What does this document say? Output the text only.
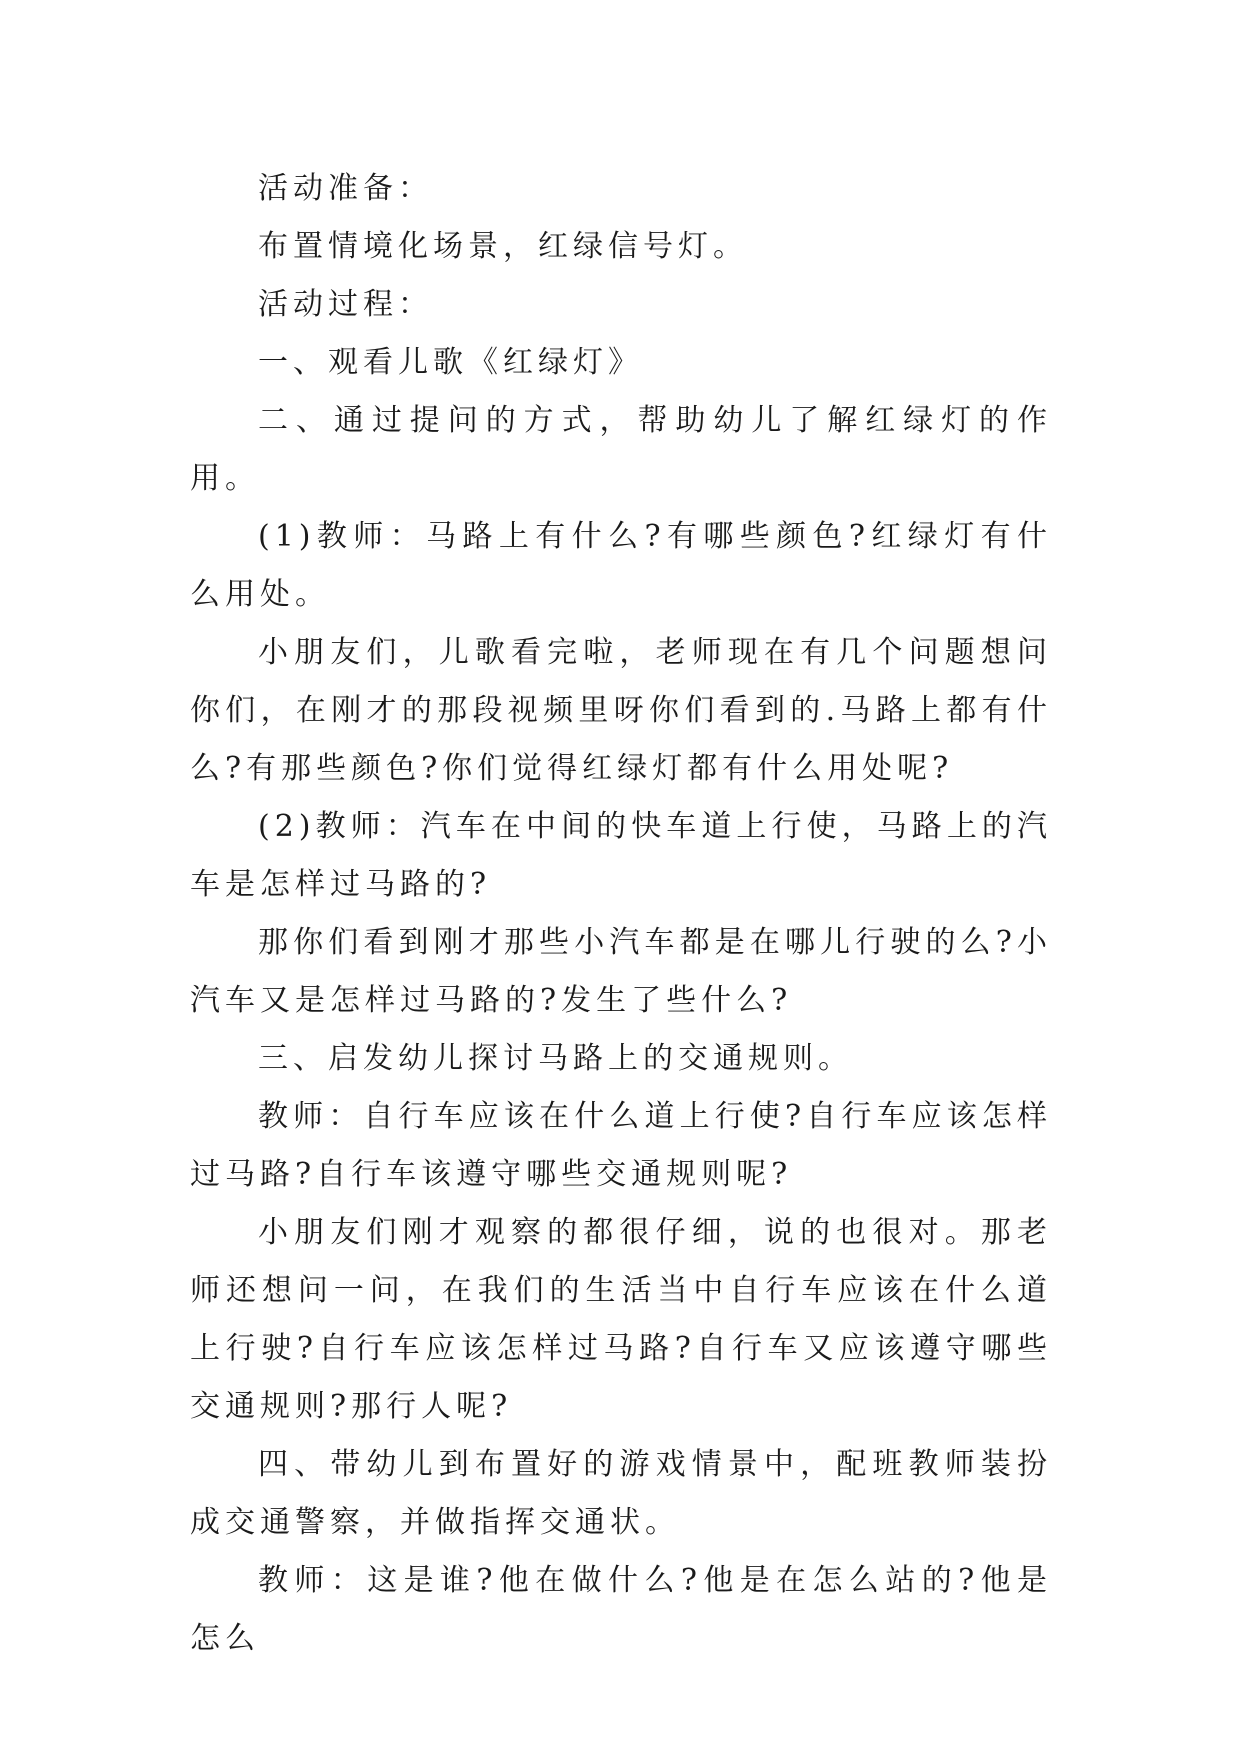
活动准备：

布置情境化场景，红绿信号灯。

活动过程：

一、观看儿歌《红绿灯》

二、通过提问的方式，帮助幼儿了解红绿灯的作用。

(1)教师：马路上有什么?有哪些颜色?红绿灯有什么用处。

小朋友们，儿歌看完啦，老师现在有几个问题想问你们，在刚才的那段视频里呀你们看到的.马路上都有什么?有那些颜色?你们觉得红绿灯都有什么用处呢?

(2)教师：汽车在中间的快车道上行使，马路上的汽车是怎样过马路的?

那你们看到刚才那些小汽车都是在哪儿行驶的么?小汽车又是怎样过马路的?发生了些什么?

三、启发幼儿探讨马路上的交通规则。

教师：自行车应该在什么道上行使?自行车应该怎样过马路?自行车该遵守哪些交通规则呢?

小朋友们刚才观察的都很仔细，说的也很对。那老师还想问一问，在我们的生活当中自行车应该在什么道上行驶?自行车应该怎样过马路?自行车又应该遵守哪些交通规则?那行人呢?

四、带幼儿到布置好的游戏情景中，配班教师装扮成交通警察，并做指挥交通状。

教师：这是谁?他在做什么?他是在怎么站的?他是怎么
